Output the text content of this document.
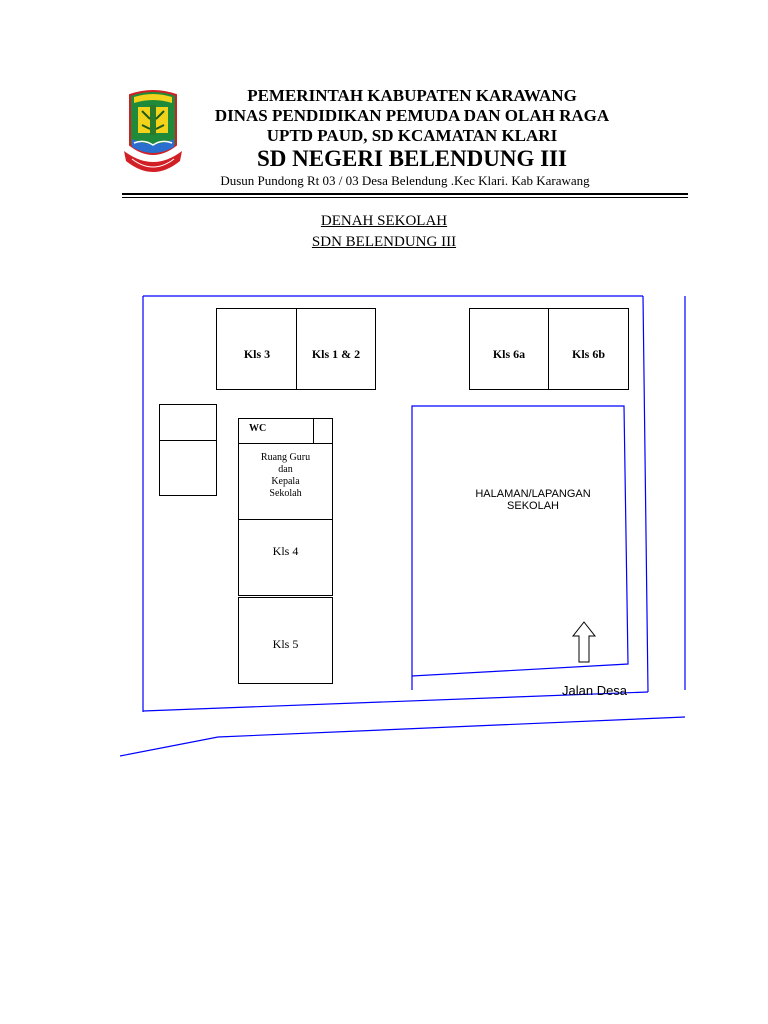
PEMERINTAH KABUPATEN KARAWANG
DINAS PENDIDIKAN PEMUDA DAN OLAH RAGA
UPTD PAUD, SD KCAMATAN KLARI
SD NEGERI BELENDUNG III
Dusun Pundong Rt 03 / 03 Desa Belendung .Kec Klari. Kab Karawang
DENAH SEKOLAH
SDN BELENDUNG III
Kls 3	Kls 1 & 2	Kls 6a	Kls 6b
WC
Ruang Guru
dan
Kepala
Sekolah
Kls 4
Kls 5
HALAMAN/LAPANGAN
SEKOLAH
Jalan Desa
